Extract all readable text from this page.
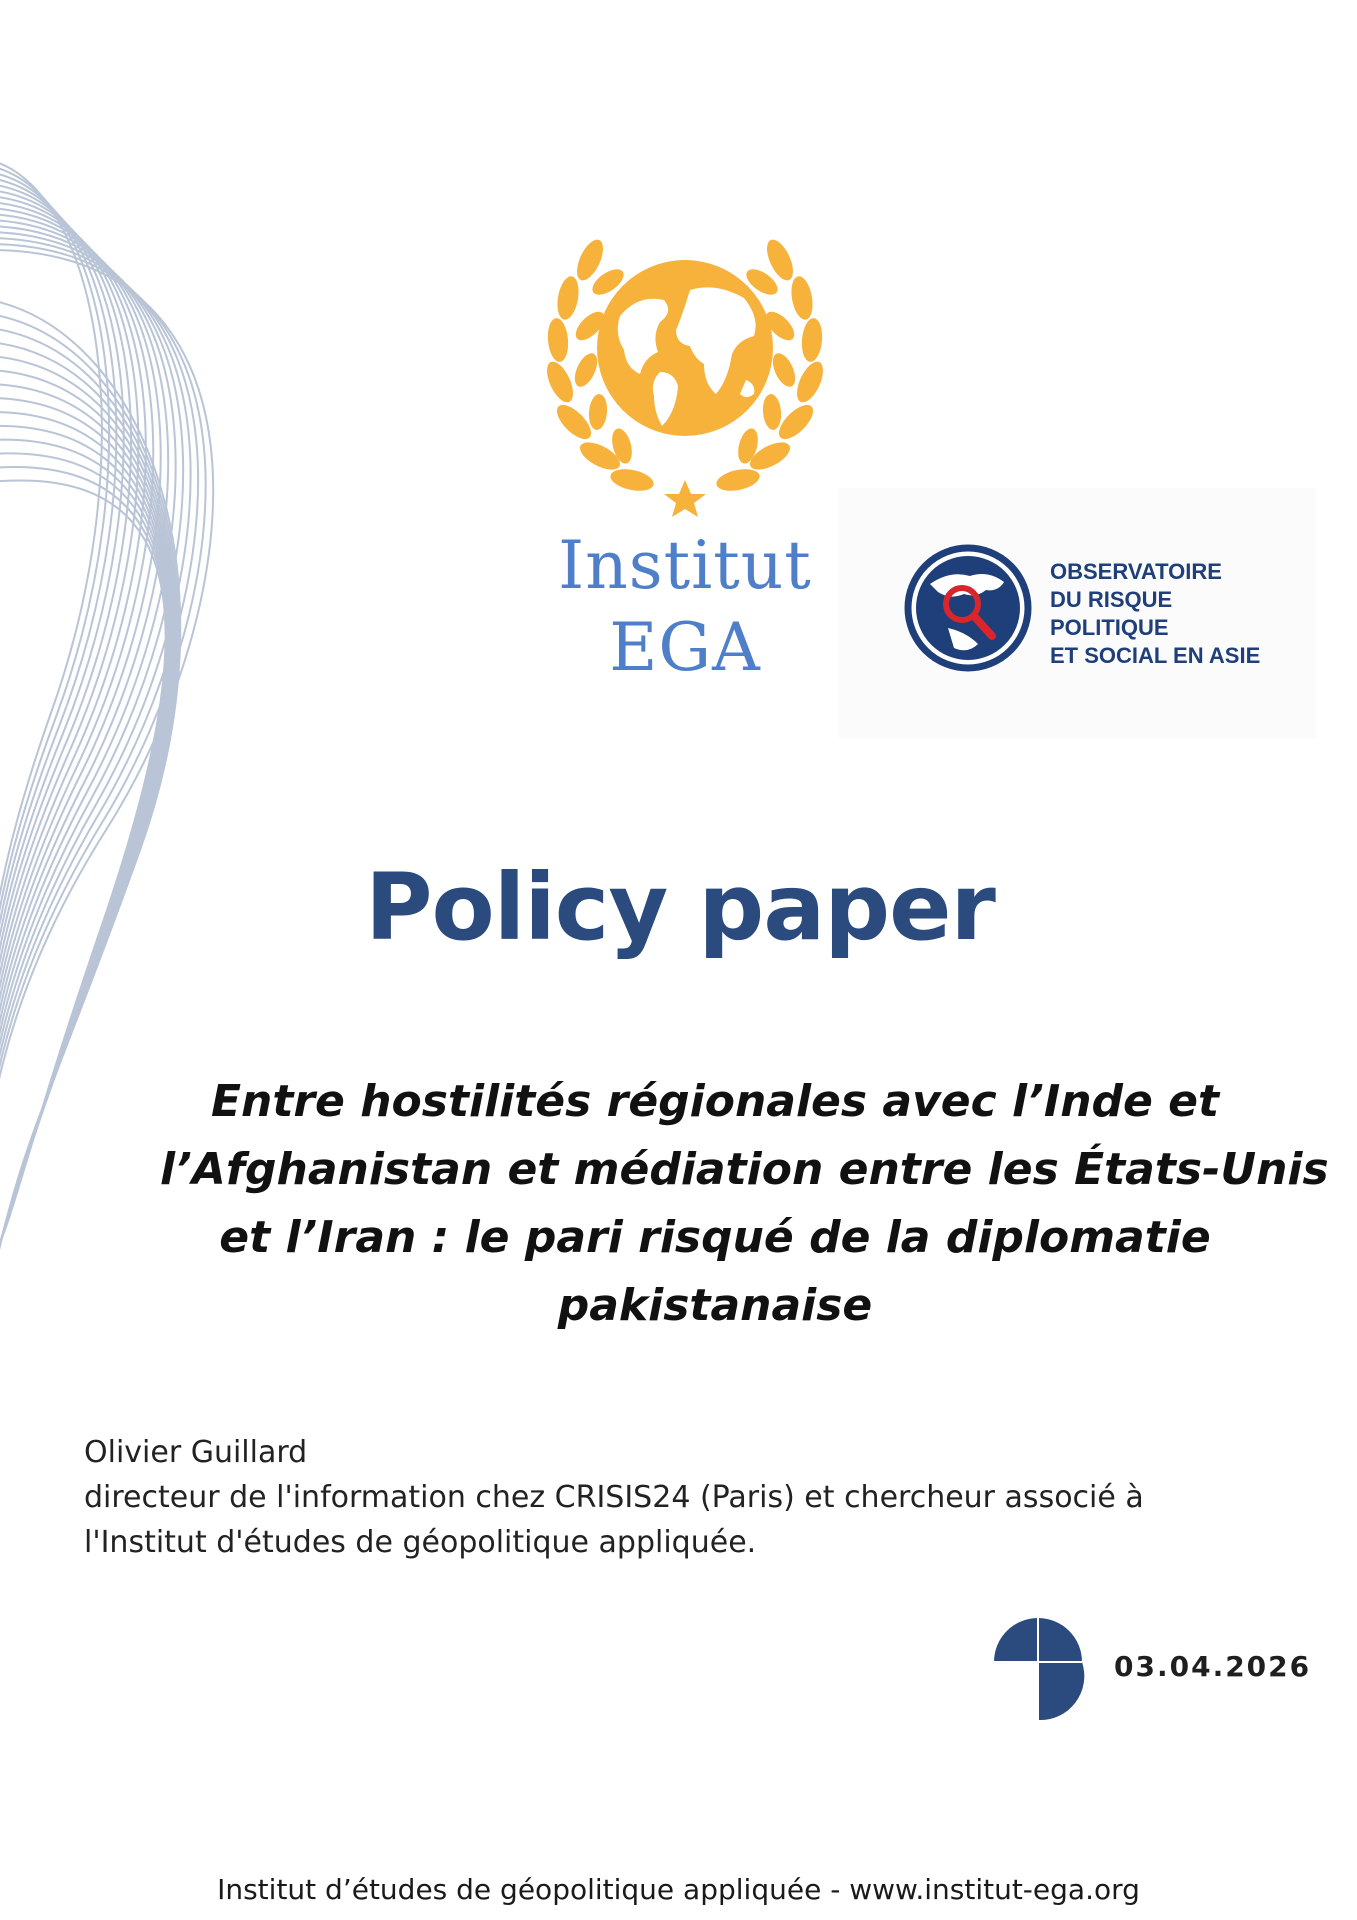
Institut
EGA
OBSERVATOIRE
DU RISQUE
POLITIQUE
ET SOCIAL EN ASIE
Policy paper
Entre hostilités régionales avec l’Inde et
l’Afghanistan et médiation entre les États-Unis
et l’Iran : le pari risqué de la diplomatie
pakistanaise
Olivier Guillard
directeur de l'information chez CRISIS24 (Paris) et chercheur associé à
l'Institut d'études de géopolitique appliquée.
03.04.2026
Institut d’études de géopolitique appliquée - www.institut-ega.org
